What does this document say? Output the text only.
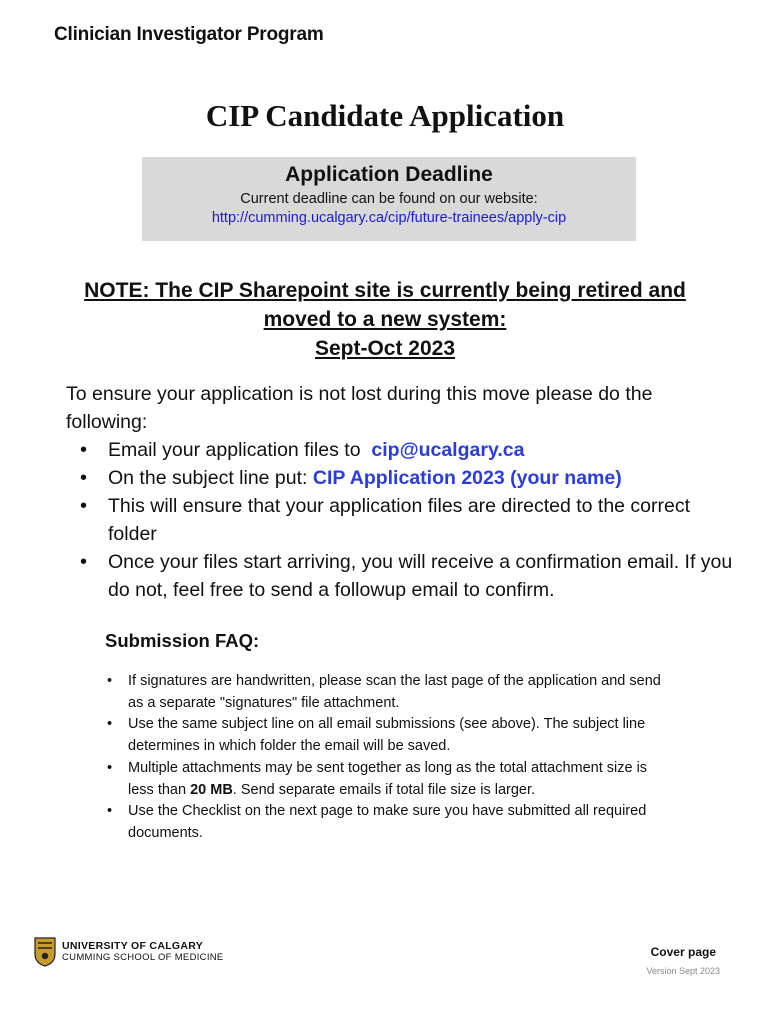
Clinician Investigator Program
CIP Candidate Application
Application Deadline
Current deadline can be found on our website:
http://cumming.ucalgary.ca/cip/future-trainees/apply-cip
NOTE: The CIP Sharepoint site is currently being retired and
moved to a new system:
Sept-Oct 2023
To ensure your application is not lost during this move please do the following:
• Email your application files to cip@ucalgary.ca
• On the subject line put: CIP Application 2023 (your name)
• This will ensure that your application files are directed to the correct folder
• Once your files start arriving, you will receive a confirmation email. If you do not, feel free to send a followup email to confirm.
Submission FAQ:
• If signatures are handwritten, please scan the last page of the application and send as a separate "signatures" file attachment.
• Use the same subject line on all email submissions (see above). The subject line determines in which folder the email will be saved.
• Multiple attachments may be sent together as long as the total attachment size is less than 20 MB. Send separate emails if total file size is larger.
• Use the Checklist on the next page to make sure you have submitted all required documents.
UNIVERSITY OF CALGARY
CUMMING SCHOOL OF MEDICINE	Cover page
Version Sept 2023
